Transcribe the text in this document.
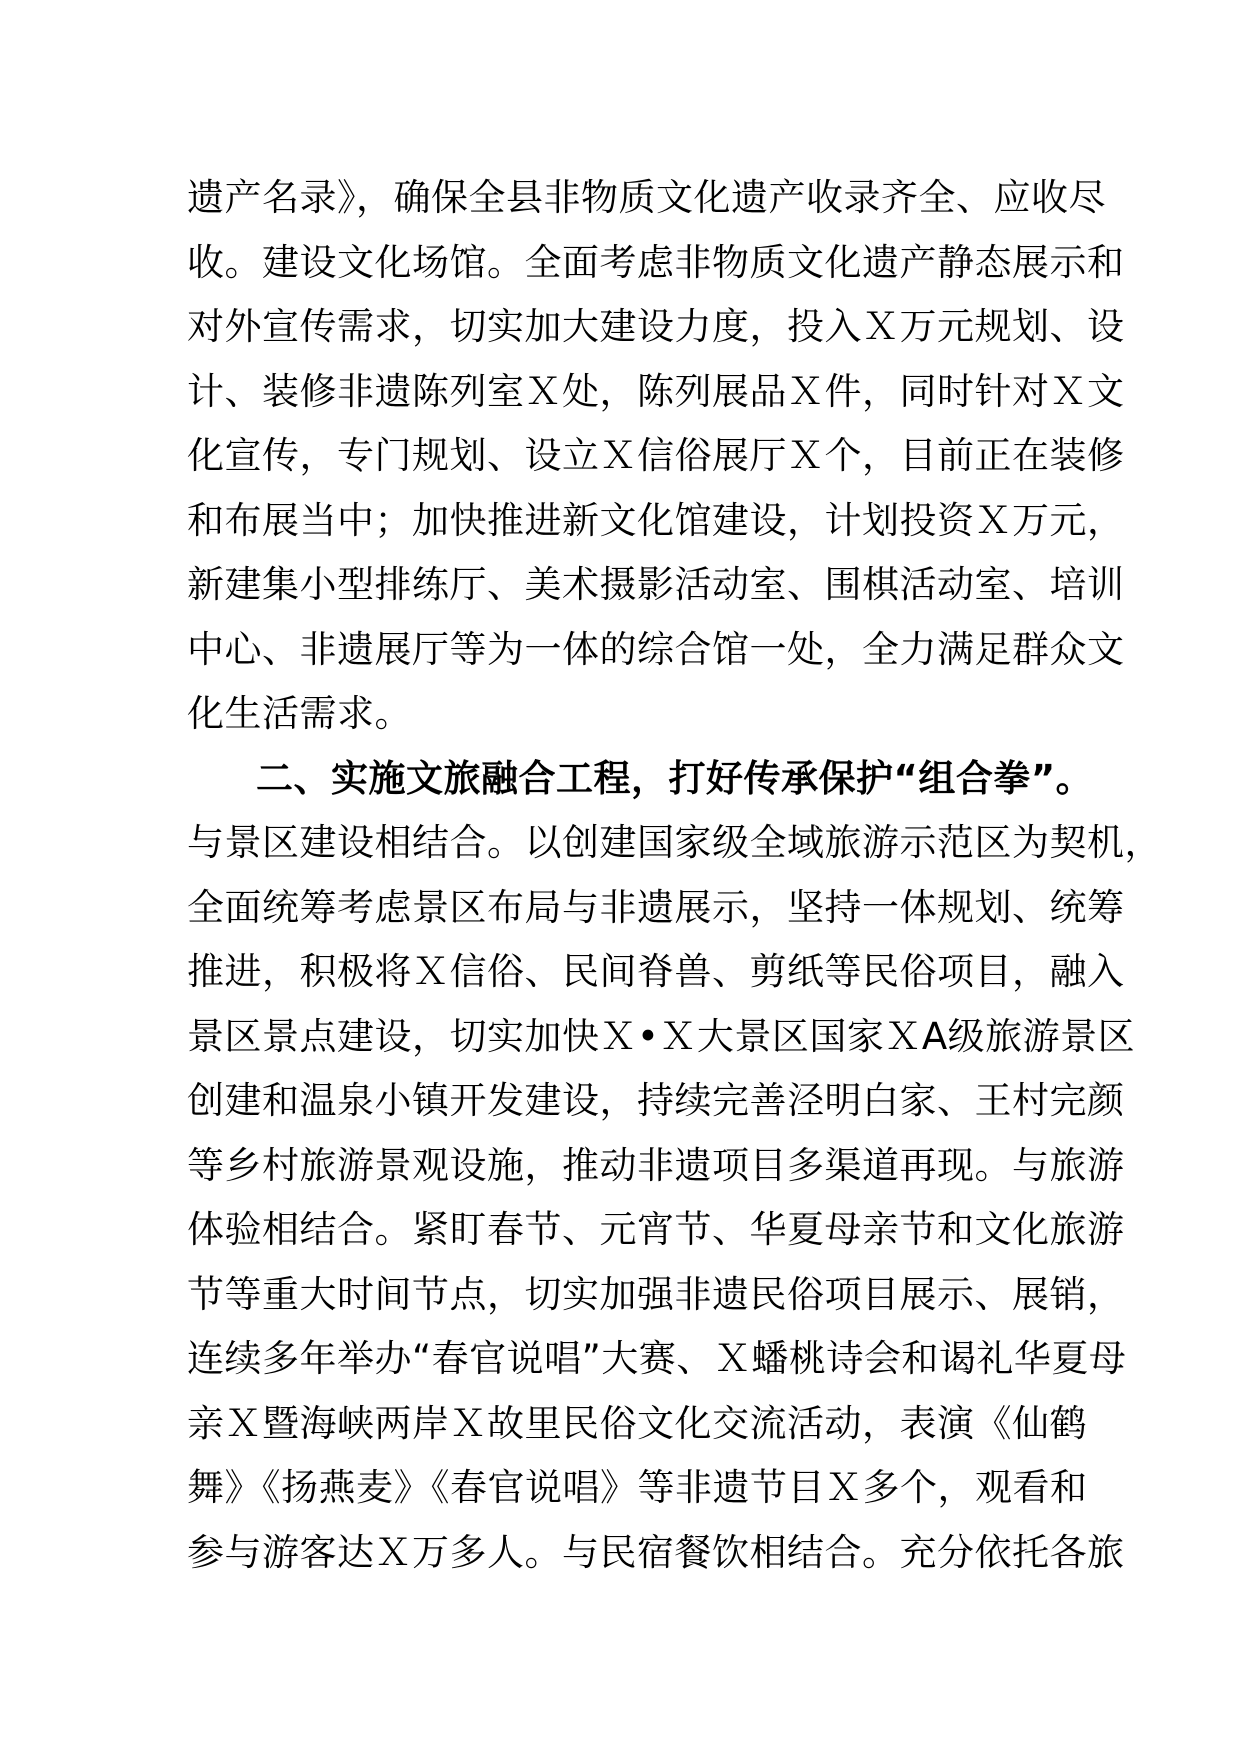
遗产名录》，确保全县非物质文化遗产收录齐全、应收尽
收。建设文化场馆。全面考虑非物质文化遗产静态展示和
对外宣传需求，切实加大建设力度，投入Ｘ万元规划、设
计、装修非遗陈列室Ｘ处，陈列展品Ｘ件，同时针对Ｘ文
化宣传，专门规划、设立Ｘ信俗展厅Ｘ个，目前正在装修
和布展当中；加快推进新文化馆建设，计划投资Ｘ万元，
新建集小型排练厅、美术摄影活动室、围棋活动室、培训
中心、非遗展厅等为一体的综合馆一处，全力满足群众文
化生活需求。
二、实施文旅融合工程，打好传承保护“组合拳”。
与景区建设相结合。以创建国家级全域旅游示范区为契机，
全面统筹考虑景区布局与非遗展示，坚持一体规划、统筹
推进，积极将Ｘ信俗、民间脊兽、剪纸等民俗项目，融入
景区景点建设，切实加快Ｘ•Ｘ大景区国家ＸA级旅游景区
创建和温泉小镇开发建设，持续完善泾明白家、王村完颜
等乡村旅游景观设施，推动非遗项目多渠道再现。与旅游
体验相结合。紧盯春节、元宵节、华夏母亲节和文化旅游
节等重大时间节点，切实加强非遗民俗项目展示、展销，
连续多年举办“春官说唱”大赛、Ｘ蟠桃诗会和谒礼华夏母
亲Ｘ暨海峡两岸Ｘ故里民俗文化交流活动，表演《仙鹤
舞》《扬燕麦》《春官说唱》等非遗节目Ｘ多个，观看和
参与游客达Ｘ万多人。与民宿餐饮相结合。充分依托各旅
